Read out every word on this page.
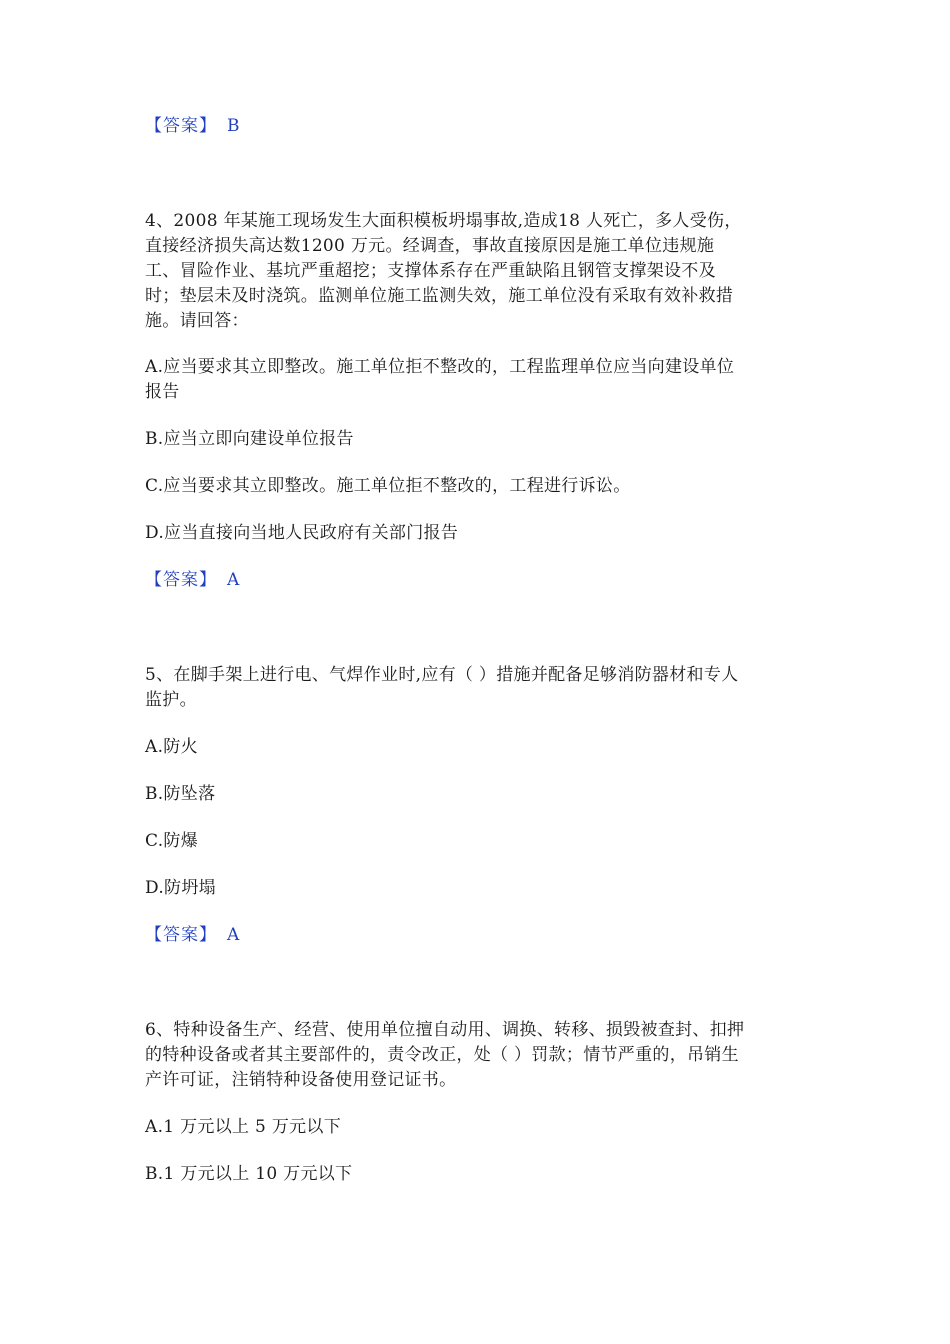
【答案】 B
4、2008 年某施工现场发生大面积模板坍塌事故,造成18 人死亡，多人受伤，
直接经济损失高达数1200 万元。经调查，事故直接原因是施工单位违规施
工、冒险作业、基坑严重超挖；支撑体系存在严重缺陷且钢管支撑架设不及
时；垫层未及时浇筑。监测单位施工监测失效，施工单位没有采取有效补救措
施。请回答：
A.应当要求其立即整改。施工单位拒不整改的，工程监理单位应当向建设单位
报告
B.应当立即向建设单位报告
C.应当要求其立即整改。施工单位拒不整改的，工程进行诉讼。
D.应当直接向当地人民政府有关部门报告
【答案】 A
5、在脚手架上进行电、气焊作业时,应有（ ）措施并配备足够消防器材和专人
监护。
A.防火
B.防坠落
C.防爆
D.防坍塌
【答案】 A
6、特种设备生产、经营、使用单位擅自动用、调换、转移、损毁被查封、扣押
的特种设备或者其主要部件的，责令改正，处（ ）罚款；情节严重的，吊销生
产许可证，注销特种设备使用登记证书。
A.1 万元以上 5 万元以下
B.1 万元以上 10 万元以下
